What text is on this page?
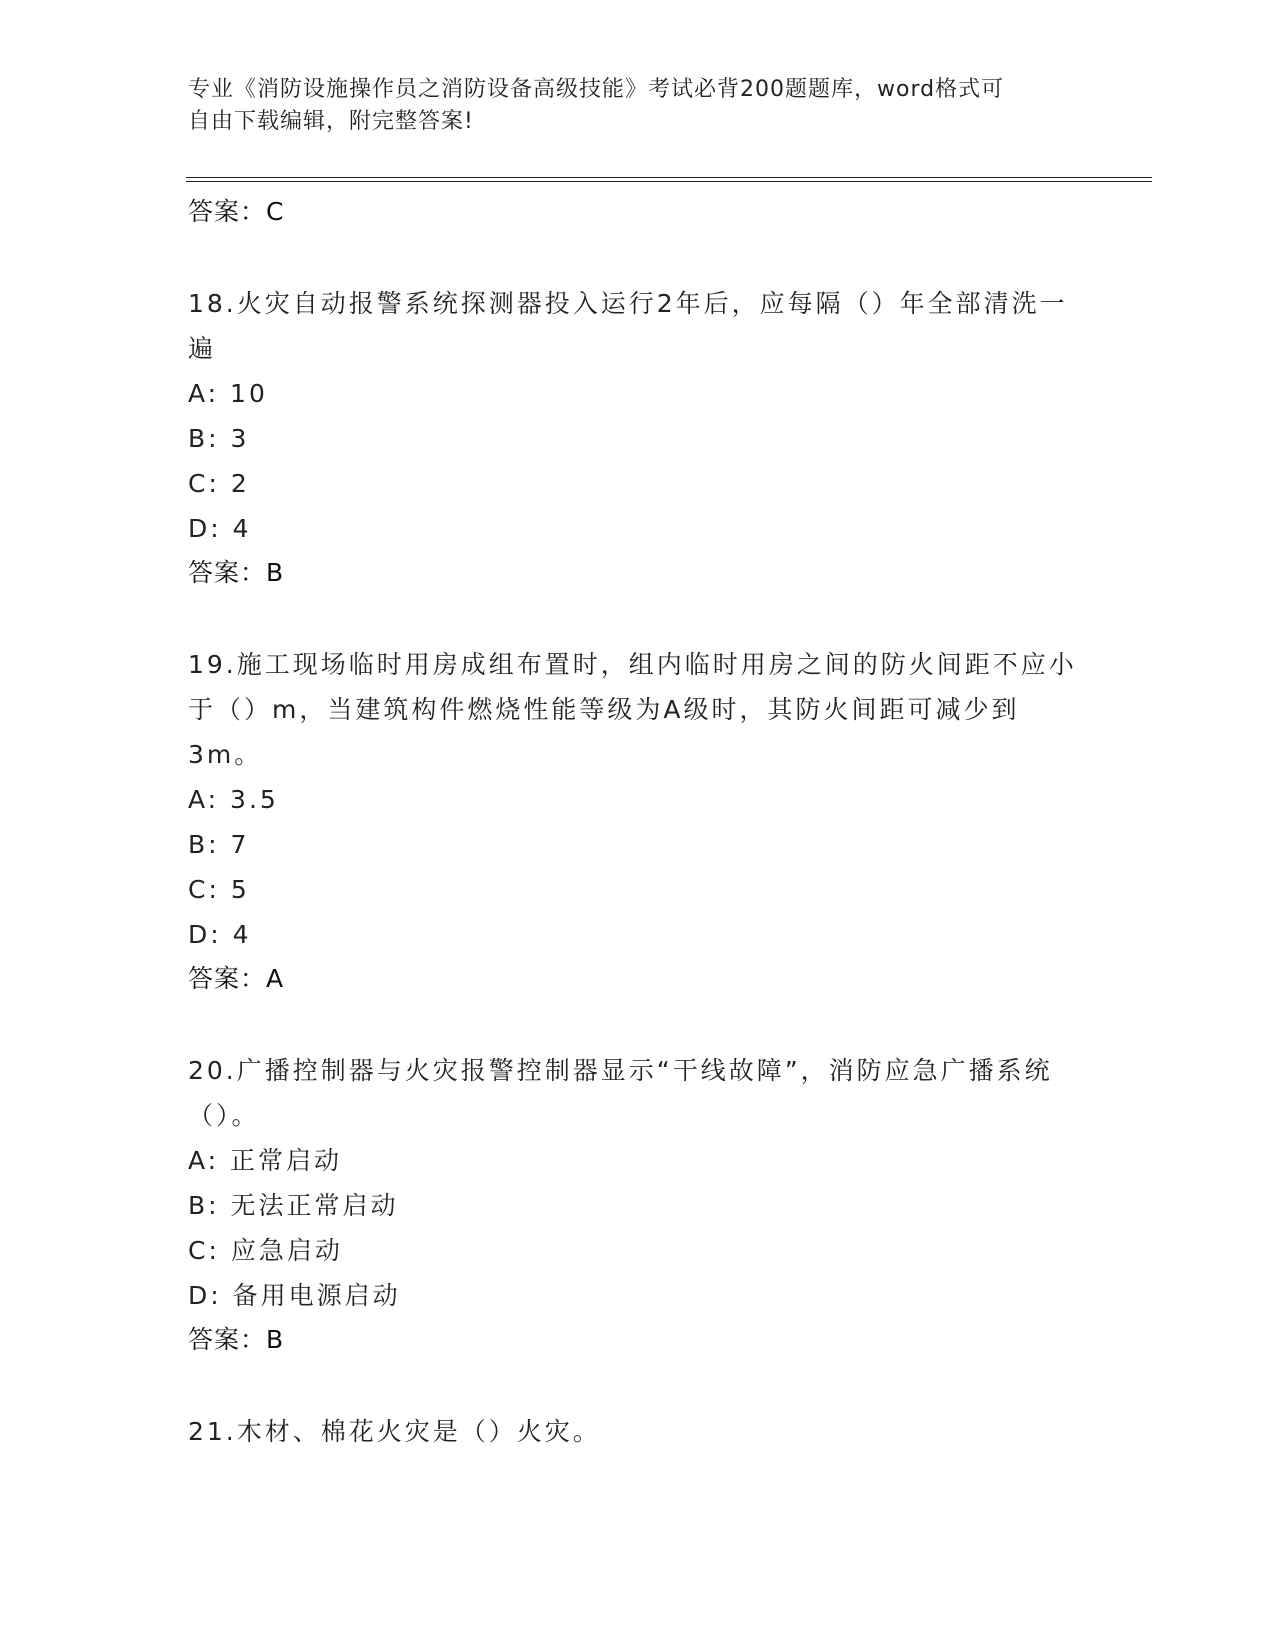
专业《消防设施操作员之消防设备高级技能》考试必背200题题库，word格式可
自由下载编辑，附完整答案!
答案：C

18.火灾自动报警系统探测器投入运行2年后，应每隔（）年全部清洗一遍

A: 10
B: 3
C: 2
D: 4
答案：B

19.施工现场临时用房成组布置时，组内临时用房之间的防火间距不应小于（）m，当建筑构件燃烧性能等级为A级时，其防火间距可减少到3m。

A: 3.5
B: 7
C: 5
D: 4
答案：A

20.广播控制器与火灾报警控制器显示“干线故障”，消防应急广播系统（）。

A: 正常启动
B: 无法正常启动
C: 应急启动
D: 备用电源启动
答案：B

21.木材、棉花火灾是（）火灾。
